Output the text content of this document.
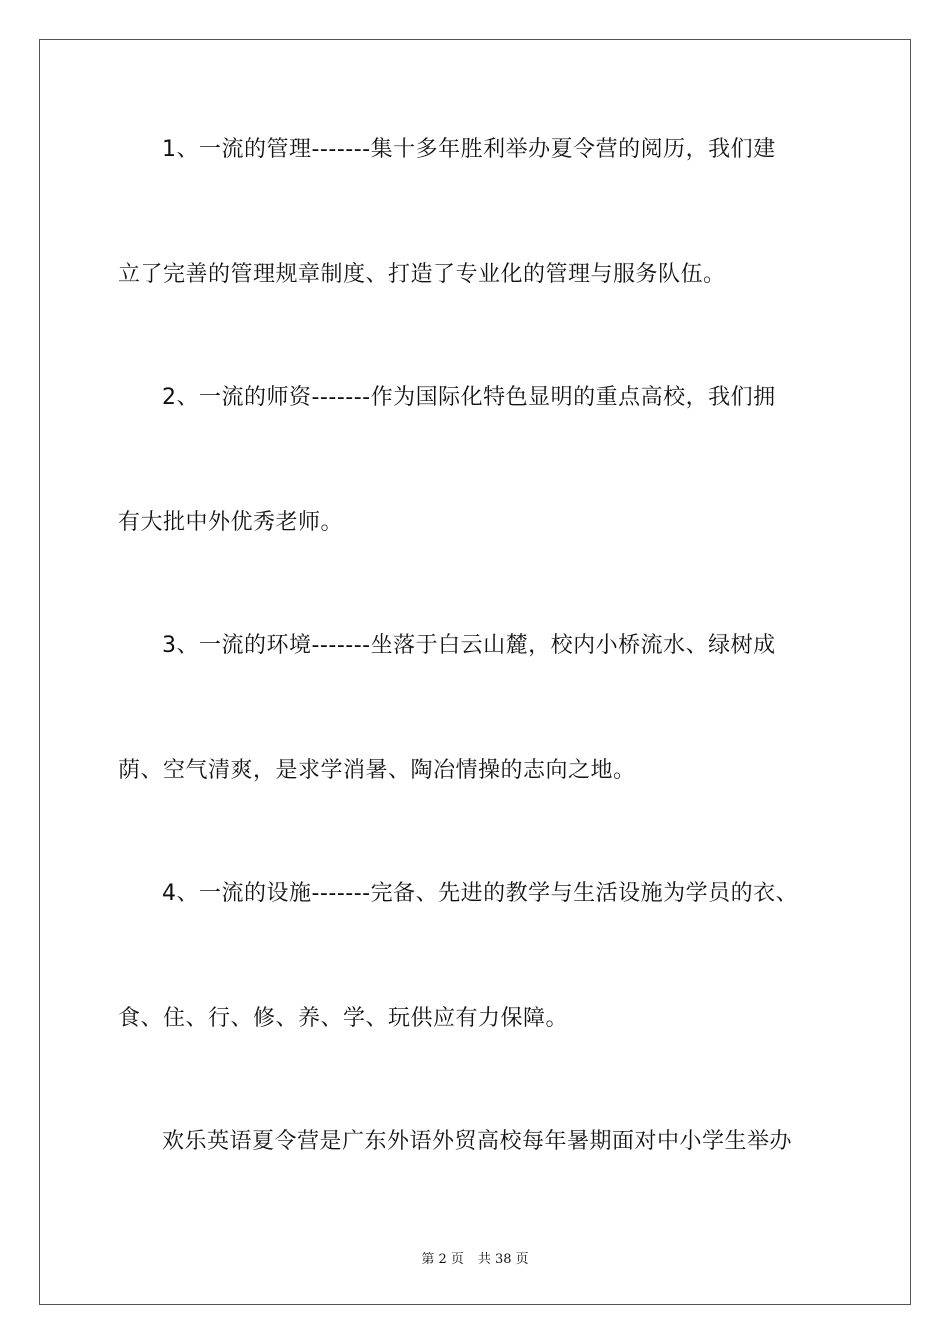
1、一流的管理-------集十多年胜利举办夏令营的阅历，我们建
立了完善的管理规章制度、打造了专业化的管理与服务队伍。
2、一流的师资-------作为国际化特色显明的重点高校，我们拥
有大批中外优秀老师。
3、一流的环境-------坐落于白云山麓，校内小桥流水、绿树成
荫、空气清爽，是求学消暑、陶冶情操的志向之地。
4、一流的设施-------完备、先进的教学与生活设施为学员的衣、
食、住、行、修、养、学、玩供应有力保障。
欢乐英语夏令营是广东外语外贸高校每年暑期面对中小学生举办
第 2 页 共 38 页
